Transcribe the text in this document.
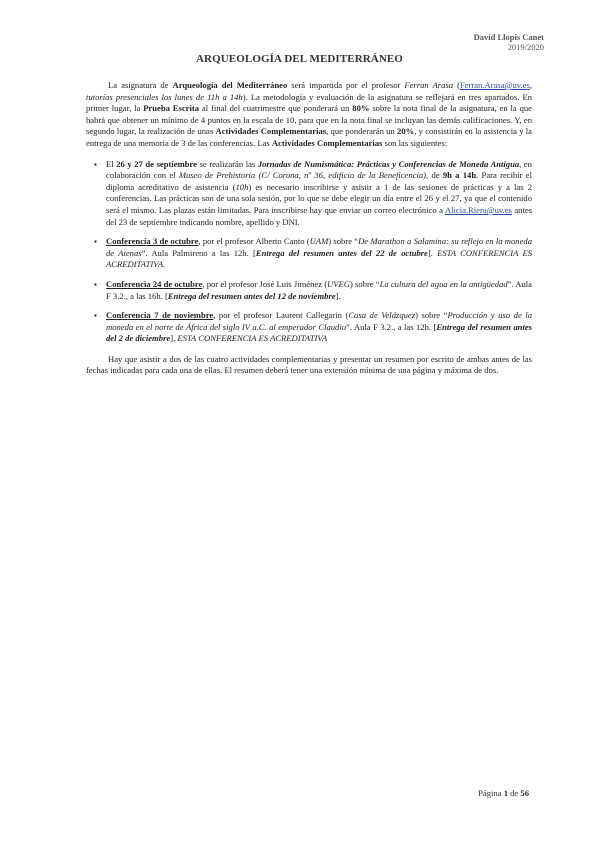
David Llopis Canet
2019/2020
ARQUEOLOGÍA DEL MEDITERRÁNEO

La asignatura de Arqueología del Mediterráneo será impartida por el profesor Ferran Arasa (Ferran.Arasa@uv.es, tutorías presenciales los lunes de 11h a 14h). La metodología y evaluación de la asignatura se reflejará en tres apartados. En primer lugar, la Prueba Escrita al final del cuatrimestre que ponderará un 80% sobre la nota final de la asignatura, en la que habrá que obtener un mínimo de 4 puntos en la escala de 10, para que en la nota final se incluyan las demás calificaciones. Y, en segundo lugar, la realización de unas Actividades Complementarias, que ponderarán un 20%, y consistirán en la asistencia y la entrega de una memoria de 3 de las conferencias. Las Actividades Complementarias son las siguientes:

▪ El 26 y 27 de septiembre se realizarán las Jornadas de Numismática: Prácticas y Conferencias de Moneda Antigua, en colaboración con el Museo de Prehistoria (C/ Corona, nº 36, edificio de la Beneficencia), de 9h a 14h. Para recibir el diploma acreditativo de asistencia (10h) es necesario inscribirse y asistir a 1 de las sesiones de prácticas y a las 2 conferencias. Las prácticas son de una sola sesión, por lo que se debe elegir un día entre el 26 y el 27, ya que el contenido será el mismo. Las plazas están limitadas. Para inscribirse hay que enviar un correo electrónico a Alicia.Riera@uv.es antes del 23 de septiembre indicando nombre, apellido y DNI.
▪ Conferencia 3 de octubre, por el profesor Alberto Canto (UAM) sobre “De Marathon a Salamina: su reflejo en la moneda de Atenas”. Aula Palmireno a las 12h. [Entrega del resumen antes del 22 de octubre]. ESTA CONFERENCIA ES ACREDITATIVA.
▪ Conferencia 24 de octubre, por el profesor José Luis Jiménez (UVEG) sobre “La cultura del agua en la antigüedad”. Aula F 3.2., a las 16h. [Entrega del resumen antes del 12 de noviembre].
▪ Conferencia 7 de noviembre, por el profesor Laurent Callegarin (Casa de Velázquez) sobre “Producción y uso de la moneda en el norte de África del siglo IV a.C. al emperador Claudio”. Aula F 3.2., a las 12h. [Entrega del resumen antes del 2 de diciembre]. ESTA CONFERENCIA ES ACREDITATIVA

Hay que asistir a dos de las cuatro actividades complementarias y presentar un resumen por escrito de ambas antes de las fechas indicadas para cada una de ellas. El resumen deberá tener una extensión mínima de una página y máxima de dos.

Página 1 de 56
